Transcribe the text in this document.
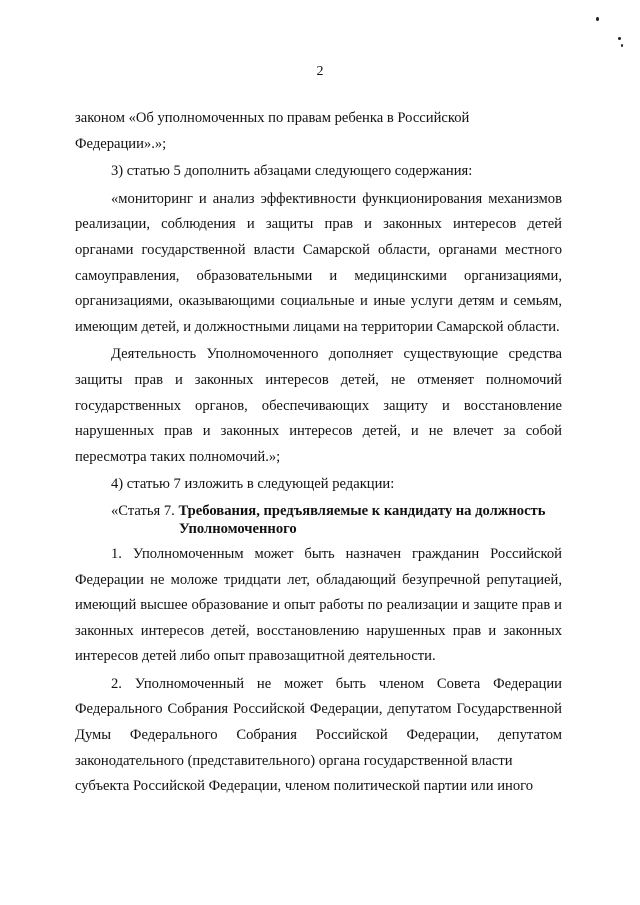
2

законом «Об уполномоченных по правам ребенка в Российской

Федерации».»;

3) статью 5 дополнить абзацами следующего содержания:

«мониторинг и анализ эффективности функционирования механизмов реализации, соблюдения и защиты прав и законных интересов детей органами государственной власти Самарской области, органами местного самоуправления, образовательными и медицинскими организациями, организациями, оказывающими социальные и иные услуги детям и семьям, имеющим детей, и должностными лицами на территории Самарской области.

Деятельность Уполномоченного дополняет существующие средства защиты прав и законных интересов детей, не отменяет полномочий государственных органов, обеспечивающих защиту и восстановление нарушенных прав и законных интересов детей, и не влечет за собой пересмотра таких полномочий.»;

4) статью 7 изложить в следующей редакции:

«Статья 7. Требования, предъявляемые к кандидату на должность
Уполномоченного

1. Уполномоченным может быть назначен гражданин Российской Федерации не моложе тридцати лет, обладающий безупречной репутацией, имеющий высшее образование и опыт работы по реализации и защите прав и законных интересов детей, восстановлению нарушенных прав и законных интересов детей либо опыт правозащитной деятельности.

2. Уполномоченный не может быть членом Совета Федерации Федерального Собрания Российской Федерации, депутатом Государственной Думы Федерального Собрания Российской Федерации, депутатом законодательного (представительного) органа государственной власти

субъекта Российской Федерации, членом политической партии или иного
